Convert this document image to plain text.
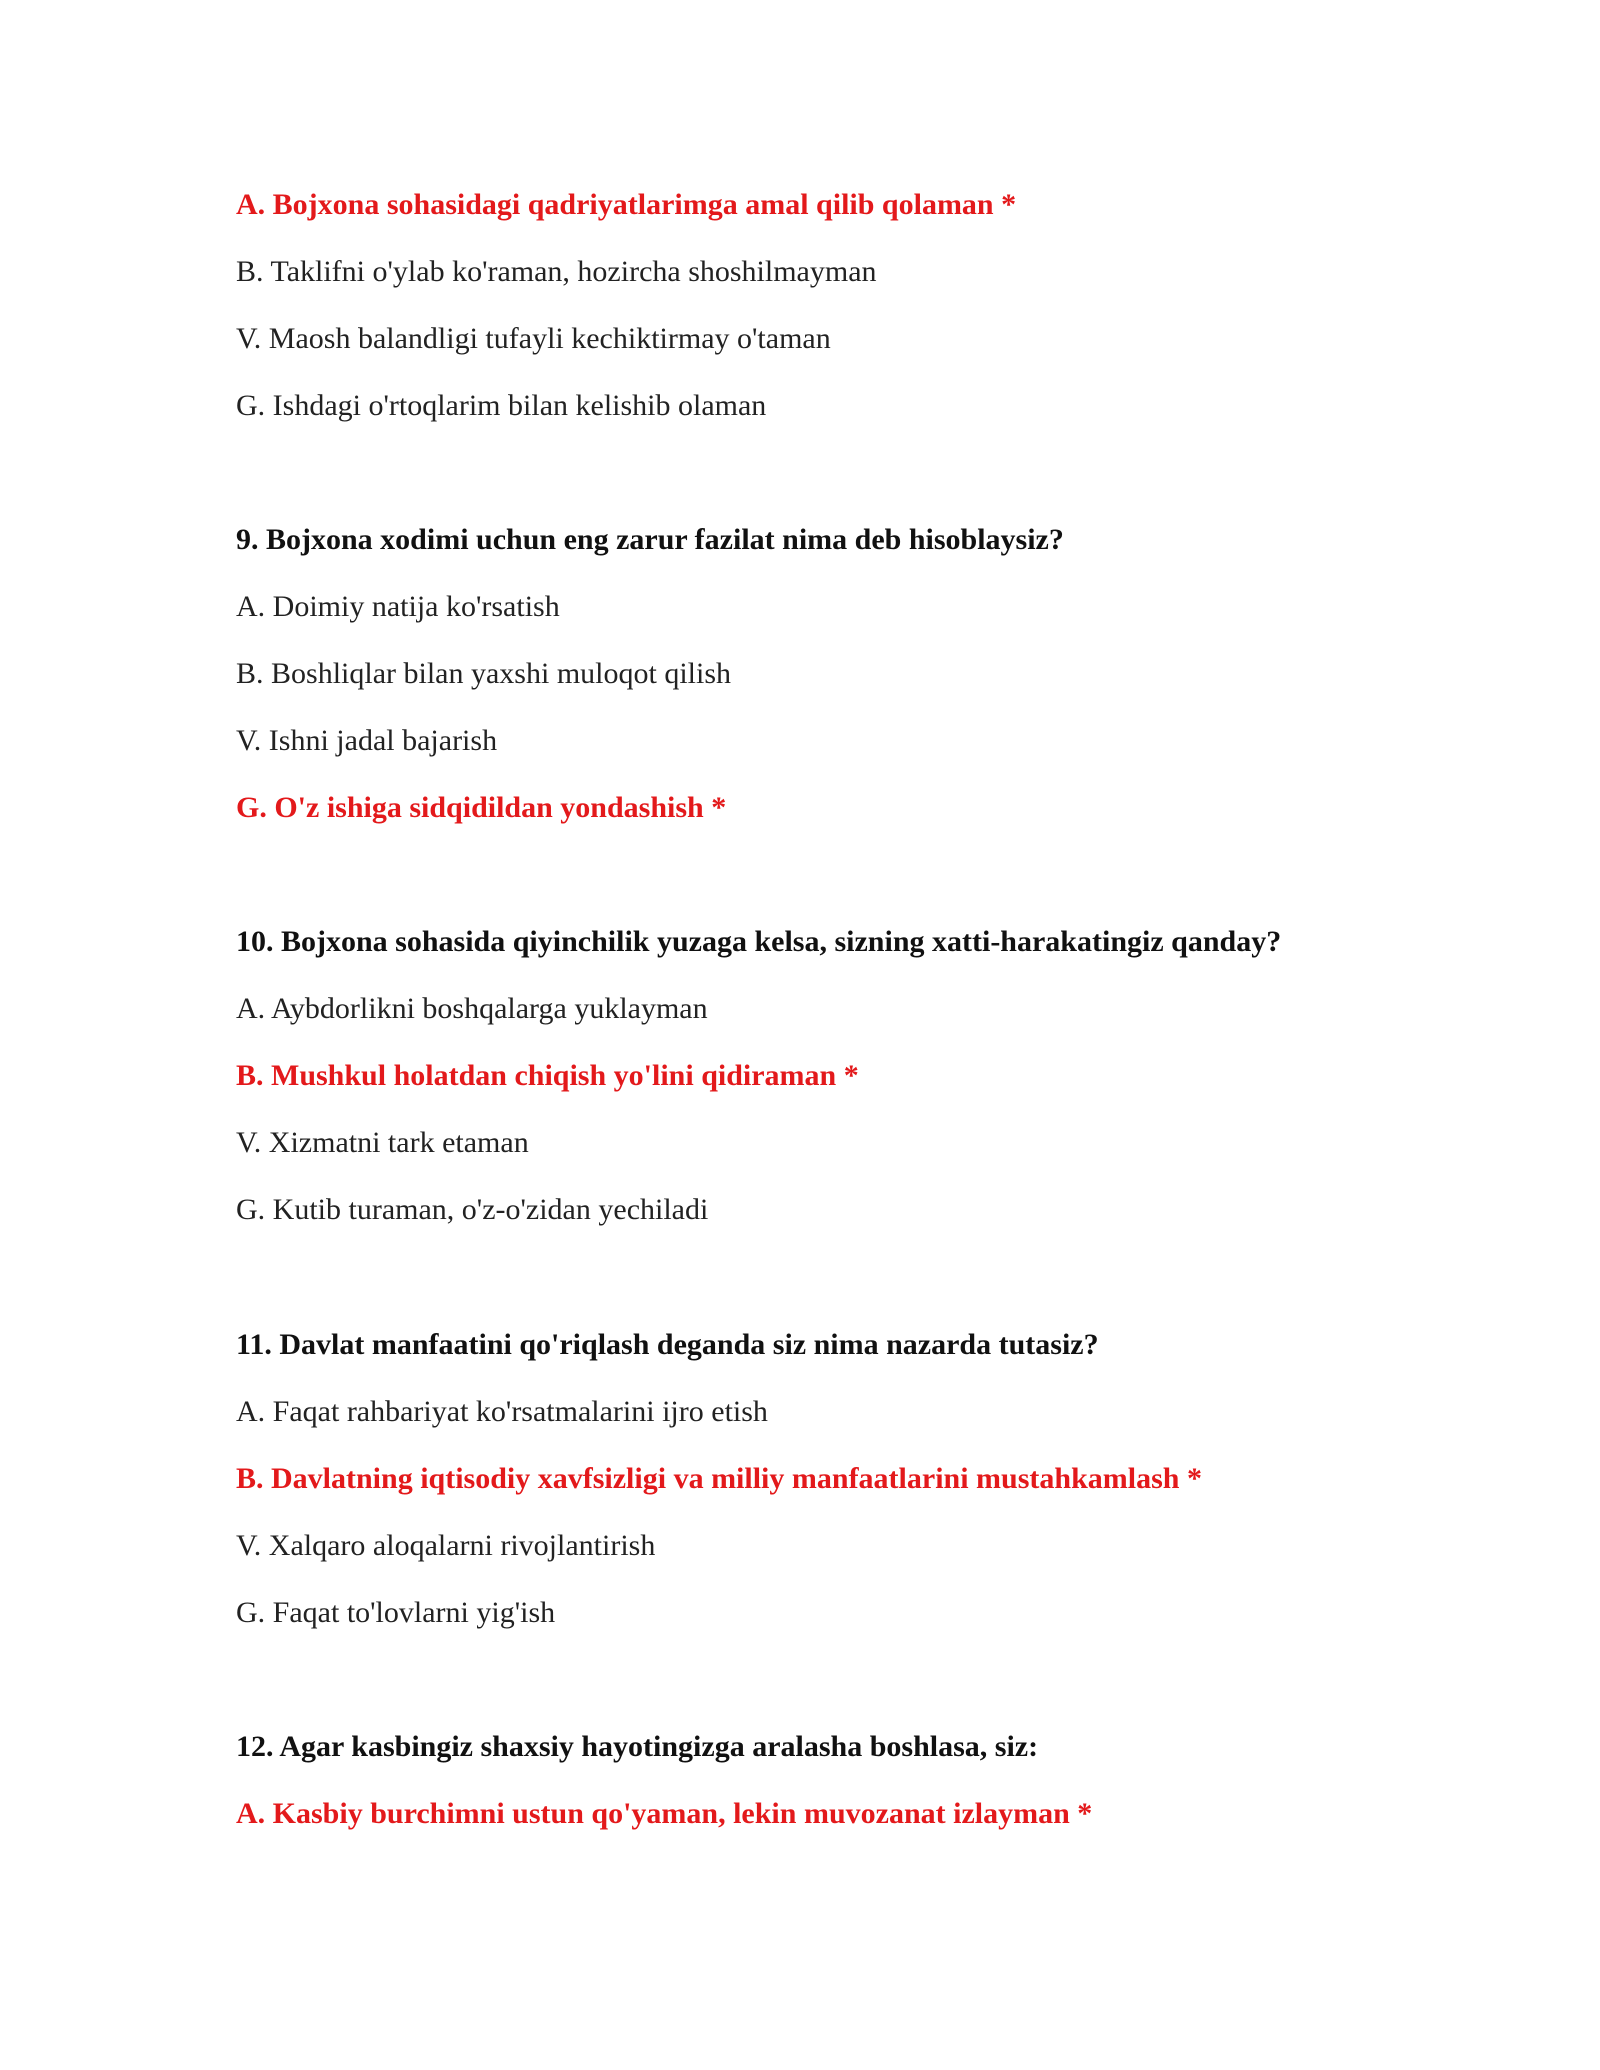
A. Bojxona sohasidagi qadriyatlarimga amal qilib qolaman *
B. Taklifni o'ylab ko'raman, hozircha shoshilmayman
V. Maosh balandligi tufayli kechiktirmay o'taman
G. Ishdagi o'rtoqlarim bilan kelishib olaman
9. Bojxona xodimi uchun eng zarur fazilat nima deb hisoblaysiz?
A. Doimiy natija ko'rsatish
B. Boshliqlar bilan yaxshi muloqot qilish
V. Ishni jadal bajarish
G. O'z ishiga sidqidildan yondashish *
10. Bojxona sohasida qiyinchilik yuzaga kelsa, sizning xatti-harakatingiz qanday?
A. Aybdorlikni boshqalarga yuklayman
B. Mushkul holatdan chiqish yo'lini qidiraman *
V. Xizmatni tark etaman
G. Kutib turaman, o'z-o'zidan yechiladi
11. Davlat manfaatini qo'riqlash deganda siz nima nazarda tutasiz?
A. Faqat rahbariyat ko'rsatmalarini ijro etish
B. Davlatning iqtisodiy xavfsizligi va milliy manfaatlarini mustahkamlash *
V. Xalqaro aloqalarni rivojlantirish
G. Faqat to'lovlarni yig'ish
12. Agar kasbingiz shaxsiy hayotingizga aralasha boshlasa, siz:
A. Kasbiy burchimni ustun qo'yaman, lekin muvozanat izlayman *
